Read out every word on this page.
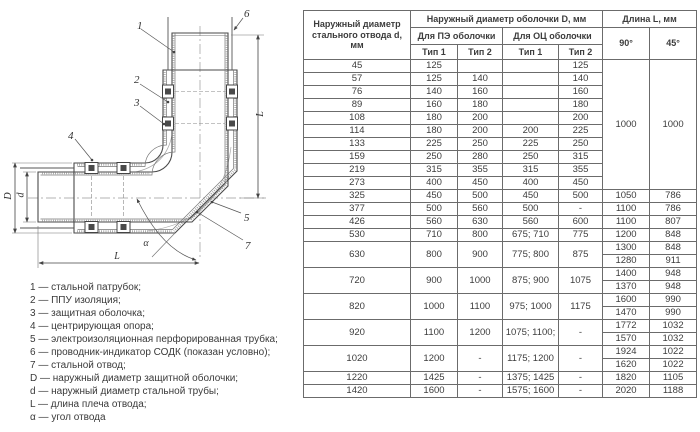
D d
L
L
α
1
2
3
4
5
6
7
1 — стальной патрубок;
2 — ППУ изоляция;
3 — защитная оболочка;
4 — центрирующая опора;
5 — электроизоляционная перфорированная трубка;
6 — проводник-индикатор СОДК (показан условно);
7 — стальной отвод;
D — наружный диаметр защитной оболочки;
d — наружный диаметр стальной трубы;
L — длина плеча отвода;
α — угол отвода
Наружный диаметр стального отвода d, мм	Наружный диаметр оболочки D, мм				Длина L, мм	
	Для ПЭ оболочки		Для ОЦ оболочки		90°	45°
	Тип 1	Тип 2	Тип 1	Тип 2		
45	125			125	1000	1000
57	125	140		140		
76	140	160		160		
89	160	180		180		
108	180	200		200		
114	180	200	200	225		
133	225	250	225	250		
159	250	280	250	315		
219	315	355	315	355		
273	400	450	400	450		
325	450	500	450	500	1050	786
377	500	560	500	-	1100	786
426	560	630	560	600	1100	807
530	710	800	675; 710	775	1200	848
630	800	900	775; 800	875	1300	848
					1280	911
720	900	1000	875; 900	1075	1400	948
					1370	948
820	1000	1100	975; 1000	1175	1600	990
					1470	990
920	1100	1200	1075; 1100;	-	1772	1032
					1570	1032
1020	1200	-	1175; 1200	-	1924	1022
					1620	1022
1220	1425	-	1375; 1425	-	1820	1105
1420	1600	-	1575; 1600	-	2020	1188
